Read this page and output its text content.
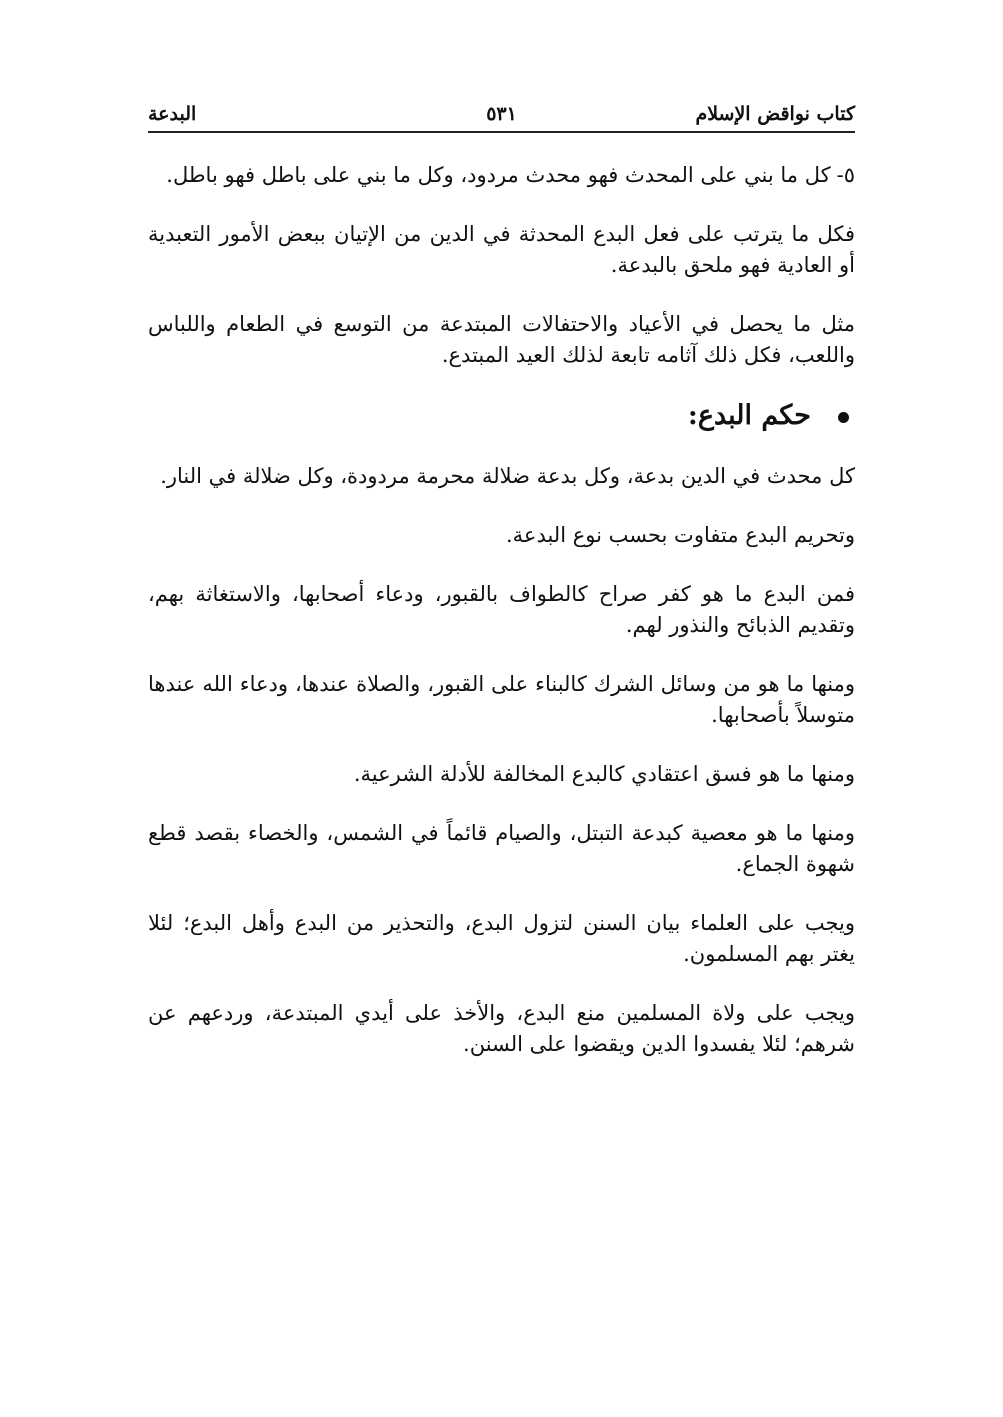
كتاب نواقض الإسلام
٥٣١
البدعة

٥-كل ما بني على المحدث فهو محدث مردود، وكل ما بني على باطل فهو باطل.

فكل ما يترتب على فعل البدع المحدثة في الدين من الإتيان ببعض الأمور التعبدية أو العادية فهو ملحق بالبدعة.

مثل ما يحصل في الأعياد والاحتفالات المبتدعة من التوسع في الطعام واللباس واللعب، فكل ذلك آثامه تابعة لذلك العيد المبتدع.

حكم البدع:

كل محدث في الدين بدعة، وكل بدعة ضلالة محرمة مردودة، وكل ضلالة في النار.

وتحريم البدع متفاوت بحسب نوع البدعة.

فمن البدع ما هو كفر صراح كالطواف بالقبور، ودعاء أصحابها، والاستغاثة بهم، وتقديم الذبائح والنذور لهم.

ومنها ما هو من وسائل الشرك كالبناء على القبور، والصلاة عندها، ودعاء الله عندها متوسلاً بأصحابها.

ومنها ما هو فسق اعتقادي كالبدع المخالفة للأدلة الشرعية.

ومنها ما هو معصية كبدعة التبتل، والصيام قائماً في الشمس، والخصاء بقصد قطع شهوة الجماع.

ويجب على العلماء بيان السنن لتزول البدع، والتحذير من البدع وأهل البدع؛ لئلا يغتر بهم المسلمون.

ويجب على ولاة المسلمين منع البدع، والأخذ على أيدي المبتدعة، وردعهم عن شرهم؛ لئلا يفسدوا الدين ويقضوا على السنن.
